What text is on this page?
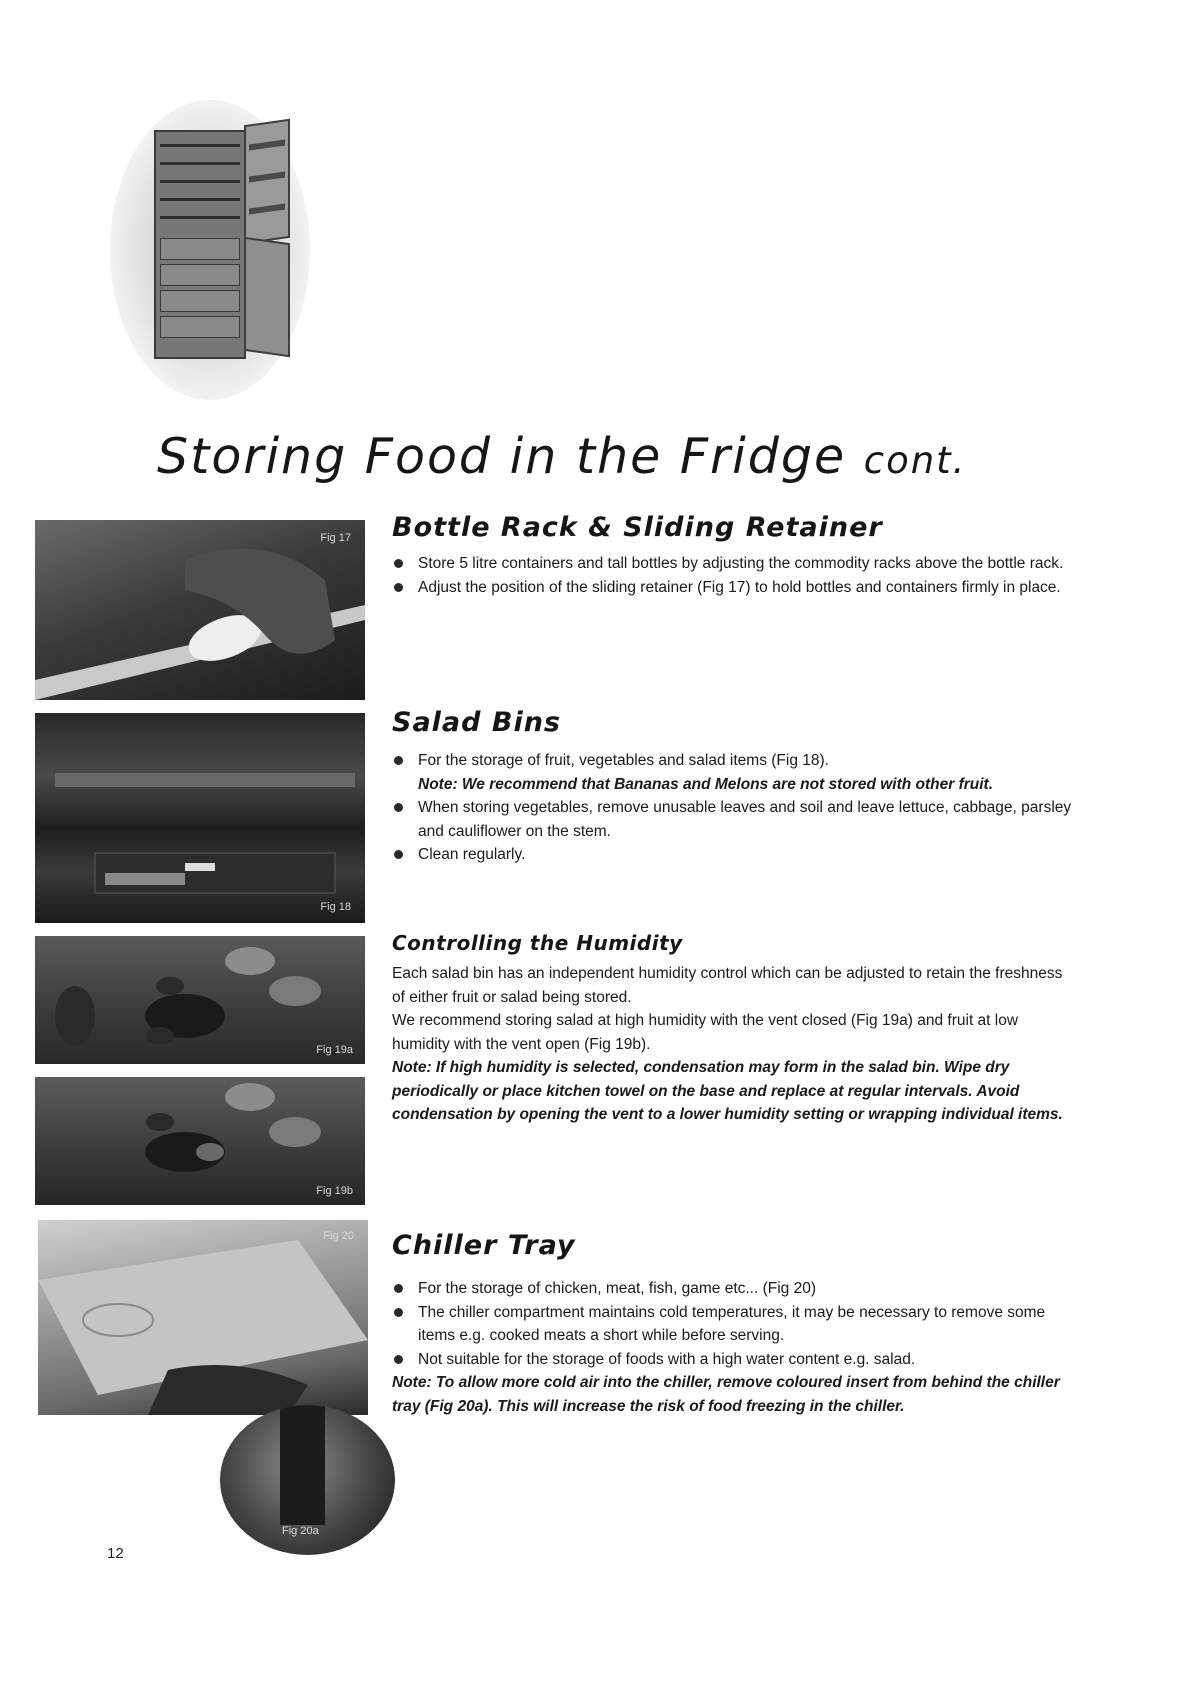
Storing Food in the Fridge cont.
Fig 17
Fig 18
Fig 19a
Fig 19b
Fig 20
Fig 20a
Bottle Rack & Sliding Retainer
Store 5 litre containers and tall bottles by adjusting the commodity racks above the bottle rack.
Adjust the position of the sliding retainer (Fig 17) to hold bottles and containers firmly in place.
Salad Bins
For the storage of fruit, vegetables and salad items (Fig 18).
Note: We recommend that Bananas and Melons are not stored with other fruit.
When storing vegetables, remove unusable leaves and soil and leave lettuce, cabbage, parsley and cauliflower on the stem.
Clean regularly.
Controlling the Humidity

Each salad bin has an independent humidity control which can be adjusted to retain the freshness of either fruit or salad being stored.

We recommend storing salad at high humidity with the vent closed (Fig 19a) and fruit at low humidity with the vent open (Fig 19b).

Note: If high humidity is selected, condensation may form in the salad bin. Wipe dry periodically or place kitchen towel on the base and replace at regular intervals. Avoid condensation by opening the vent to a lower humidity setting or wrapping individual items.

Chiller Tray
For the storage of chicken, meat, fish, game etc... (Fig 20)
The chiller compartment maintains cold temperatures, it may be necessary to remove some items e.g. cooked meats a short while before serving.
Not suitable for the storage of foods with a high water content e.g. salad.

Note: To allow more cold air into the chiller, remove coloured insert from behind the chiller tray (Fig 20a). This will increase the risk of food freezing in the chiller.

12
